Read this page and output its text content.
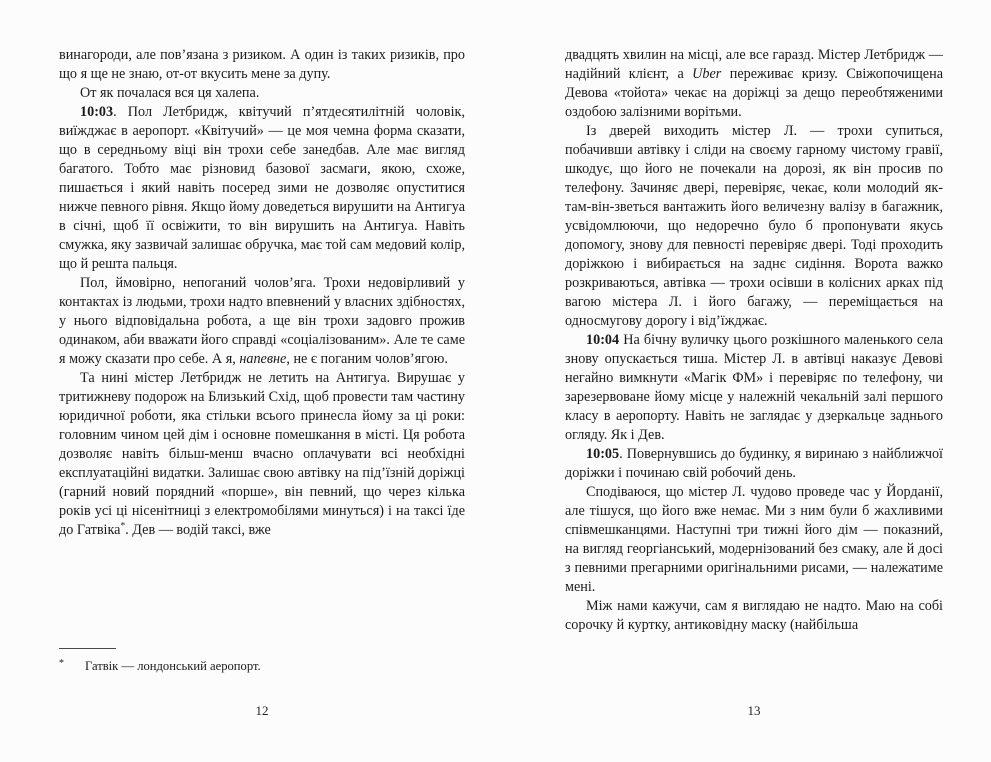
винагороди, але пов’язана з ризиком. А один із таких ризиків, про що я ще не знаю, от-от вкусить мене за дупу.

От як почалася вся ця халепа.

10:03. Пол Летбридж, квітучий п’ятдесятилітній чоловік, виїжджає в аеропорт. «Квітучий» — це моя чемна форма сказати, що в середньому віці він трохи себе занедбав. Але має вигляд багатого. Тобто має різновид базової засмаги, якою, схоже, пишається і який навіть посеред зими не дозволяє опуститися нижче певного рівня. Якщо йому доведеться вирушити на Антигуа в січні, щоб її освіжити, то він вирушить на Антигуа. Навіть смужка, яку зазвичай залишає обручка, має той сам медовий колір, що й решта пальця.

Пол, ймовірно, непоганий чолов’яга. Трохи недовірливий у контактах із людьми, трохи надто впевнений у власних здібностях, у нього відповідальна робота, а ще він трохи задовго прожив одинаком, аби вважати його справді «соціалізованим». Але те саме я можу сказати про себе. А я, напевне, не є поганим чолов’ягою.

Та нині містер Летбридж не летить на Антигуа. Вирушає у тритижневу подорож на Близький Схід, щоб провести там частину юридичної роботи, яка стільки всього принесла йому за ці роки: головним чином цей дім і основне помешкання в місті. Ця робота дозволяє навіть більш-менш вчасно оплачувати всі необхідні експлуатаційні видатки. Залишає свою автівку на під’їзній доріжці (гарний новий порядний «порше», він певний, що через кілька років усі ці нісенітниці з електромобілями минуться) і на таксі їде до Гатвіка*. Дев — водій таксі, вже

*	Гатвік — лондонський аеропорт.

двадцять хвилин на місці, але все гаразд. Містер Летбридж — надійний клієнт, а Uber переживає кризу. Свіжопочищена Девова «тойота» чекає на доріжці за дещо переобтяженими оздобою залізними ворітьми.

Із дверей виходить містер Л. — трохи супиться, побачивши автівку і сліди на своєму гарному чистому гравії, шкодує, що його не почекали на дорозі, як він просив по телефону. Зачиняє двері, перевіряє, чекає, коли молодий як-там-він-зветься вантажить його величезну валізу в багажник, усвідомлюючи, що недоречно було б пропонувати якусь допомогу, знову для певності перевіряє двері. Тоді проходить доріжкою і вибирається на заднє сидіння. Ворота важко розкриваються, автівка — трохи осівши в колісних арках під вагою містера Л. і його багажу, — переміщається на односмугову дорогу і від’їжджає.

10:04 На бічну вуличку цього розкішного маленького села знову опускається тиша. Містер Л. в автівці наказує Девові негайно вимкнути «Магік ФМ» і перевіряє по телефону, чи зарезервоване йому місце у належній чекальній залі першого класу в аеропорту. Навіть не заглядає у дзеркальце заднього огляду. Як і Дев.

10:05. Повернувшись до будинку, я виринаю з найближчої доріжки і починаю свій робочий день.

Сподіваюся, що містер Л. чудово проведе час у Йорданії, але тішуся, що його вже немає. Ми з ним були б жахливими співмешканцями. Наступні три тижні його дім — показний, на вигляд георгіанський, модернізований без смаку, але й досі з певними прегарними оригінальними рисами, — належатиме мені.

Між нами кажучи, сам я виглядаю не надто. Маю на собі сорочку й куртку, антиковідну маску (найбільша

12	13
